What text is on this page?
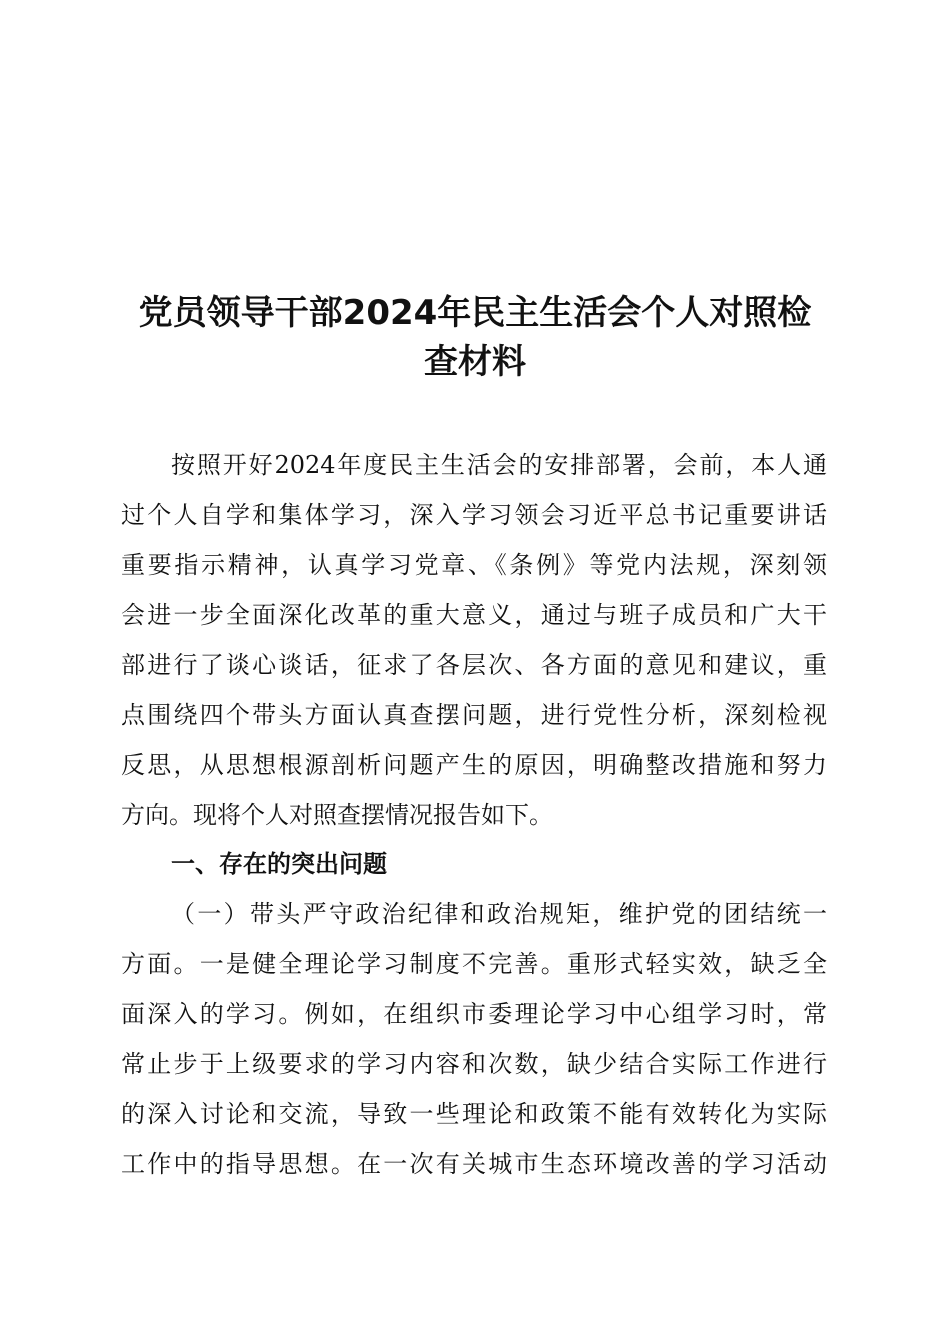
党员领导干部2024年民主生活会个人对照检
查材料

按照开好2024年度民主生活会的安排部署，会前，本人通

过个人自学和集体学习，深入学习领会习近平总书记重要讲话

重要指示精神，认真学习党章、《条例》等党内法规，深刻领

会进一步全面深化改革的重大意义，通过与班子成员和广大干

部进行了谈心谈话，征求了各层次、各方面的意见和建议，重

点围绕四个带头方面认真查摆问题，进行党性分析，深刻检视

反思，从思想根源剖析问题产生的原因，明确整改措施和努力

方向。现将个人对照查摆情况报告如下。

一、存在的突出问题

（一）带头严守政治纪律和政治规矩，维护党的团结统一

方面。一是健全理论学习制度不完善。重形式轻实效，缺乏全

面深入的学习。例如，在组织市委理论学习中心组学习时，常

常止步于上级要求的学习内容和次数，缺少结合实际工作进行

的深入讨论和交流，导致一些理论和政策不能有效转化为实际

工作中的指导思想。在一次有关城市生态环境改善的学习活动
